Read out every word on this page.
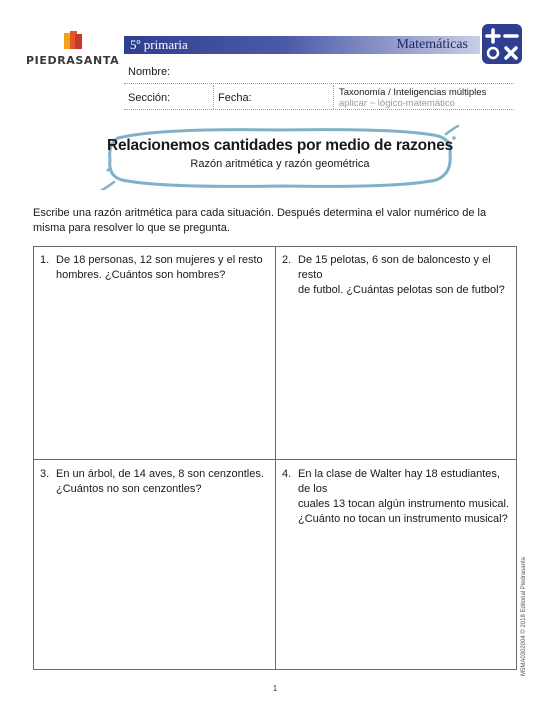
PIEDRASANTA
5º primaria	Matemáticas
Nombre:
Sección:	Fecha:	Taxonomía / Inteligencias múltiples
aplicar ~ lógico-matemático
Relacionemos cantidades por medio de razones
Razón aritmética y razón geométrica
Escribe una razón aritmética para cada situación. Después determina el valor numérico de la misma para resolver lo que se pregunta.
1. De 18 personas, 12 son mujeres y el resto
hombres. ¿Cuántos son hombres?
2. De 15 pelotas, 6 son de baloncesto y el resto
de futbol. ¿Cuántas pelotas son de futbol?
3. En un árbol, de 14 aves, 8 son cenzontles.
¿Cuántos no son cenzontles?
4. En la clase de Walter hay 18 estudiantes, de los
cuales 13 tocan algún instrumento musical.
¿Cuánto no tocan un instrumento musical?
M5MA0302004 © 2018 Editorial Piedrasanta
1
